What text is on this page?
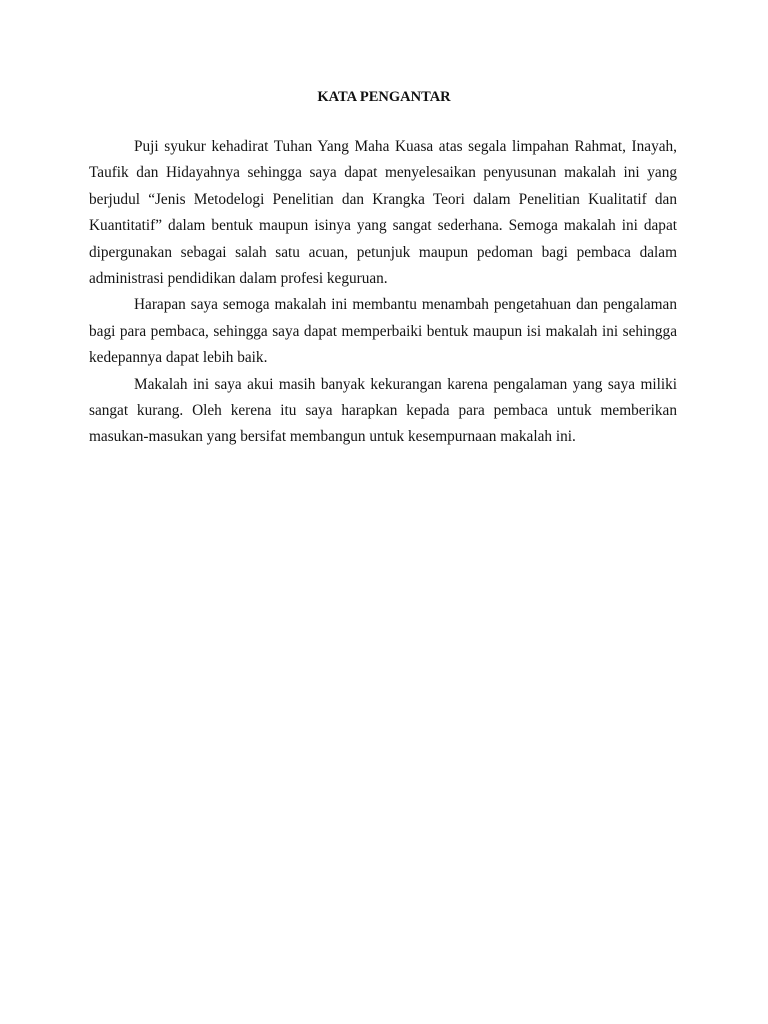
KATA PENGANTAR

Puji syukur kehadirat Tuhan Yang Maha Kuasa atas segala limpahan Rahmat, Inayah, Taufik dan Hidayahnya sehingga saya dapat menyelesaikan penyusunan makalah ini yang berjudul “Jenis Metodelogi Penelitian dan Krangka Teori dalam Penelitian Kualitatif dan Kuantitatif” dalam bentuk maupun isinya yang sangat sederhana. Semoga makalah ini dapat dipergunakan sebagai salah satu acuan, petunjuk maupun pedoman bagi pembaca dalam administrasi pendidikan dalam profesi keguruan.

Harapan saya semoga makalah ini membantu menambah pengetahuan dan pengalaman bagi para pembaca, sehingga saya dapat memperbaiki bentuk maupun isi makalah ini sehingga kedepannya dapat lebih baik.

Makalah ini saya akui masih banyak kekurangan karena pengalaman yang saya miliki sangat kurang. Oleh kerena itu saya harapkan kepada para pembaca untuk memberikan masukan-masukan yang bersifat membangun untuk kesempurnaan makalah ini.
